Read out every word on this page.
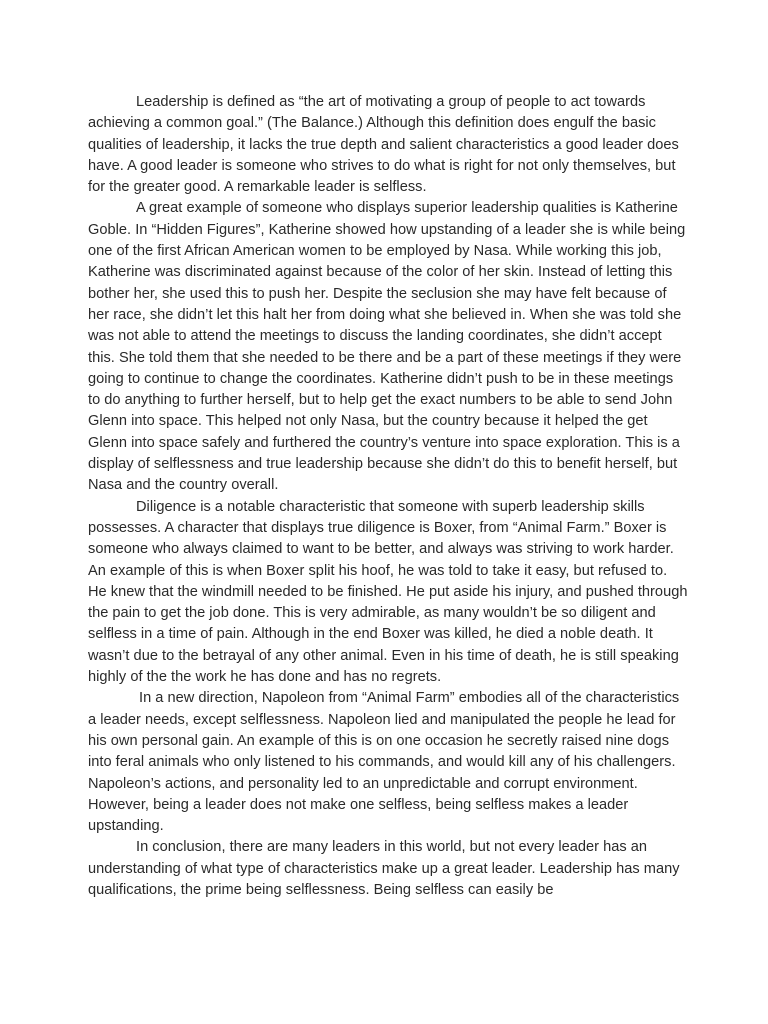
Leadership is defined as “the art of motivating a group of people to act towards achieving a common goal.” (The Balance.) Although this definition does engulf the basic qualities of leadership, it lacks the true depth and salient characteristics a good leader does have. A good leader is someone who strives to do what is right for not only themselves, but for the greater good. A remarkable leader is selfless.

A great example of someone who displays superior leadership qualities is Katherine Goble. In “Hidden Figures”, Katherine showed how upstanding of a leader she is while being one of the first African American women to be employed by Nasa. While working this job, Katherine was discriminated against because of the color of her skin. Instead of letting this bother her, she used this to push her. Despite the seclusion she may have felt because of her race, she didn’t let this halt her from doing what she believed in. When she was told she was not able to attend the meetings to discuss the landing coordinates, she didn’t accept this. She told them that she needed to be there and be a part of these meetings if they were going to continue to change the coordinates. Katherine didn’t push to be in these meetings to do anything to further herself, but to help get the exact numbers to be able to send John Glenn into space. This helped not only Nasa, but the country because it helped the get Glenn into space safely and furthered the country’s venture into space exploration. This is a display of selflessness and true leadership because she didn’t do this to benefit herself, but Nasa and the country overall.

Diligence is a notable characteristic that someone with superb leadership skills possesses. A character that displays true diligence is Boxer, from “Animal Farm.” Boxer is someone who always claimed to want to be better, and always was striving to work harder. An example of this is when Boxer split his hoof, he was told to take it easy, but refused to. He knew that the windmill needed to be finished. He put aside his injury, and pushed through the pain to get the job done. This is very admirable, as many wouldn’t be so diligent and selfless in a time of pain. Although in the end Boxer was killed, he died a noble death. It wasn’t due to the betrayal of any other animal. Even in his time of death, he is still speaking highly of the the work he has done and has no regrets.

In a new direction, Napoleon from “Animal Farm” embodies all of the characteristics a leader needs, except selflessness. Napoleon lied and manipulated the people he lead for his own personal gain. An example of this is on one occasion he secretly raised nine dogs into feral animals who only listened to his commands, and would kill any of his challengers. Napoleon’s actions, and personality led to an unpredictable and corrupt environment. However, being a leader does not make one selfless, being selfless makes a leader upstanding.

In conclusion, there are many leaders in this world, but not every leader has an understanding of what type of characteristics make up a great leader. Leadership has many qualifications, the prime being selflessness. Being selfless can easily be
